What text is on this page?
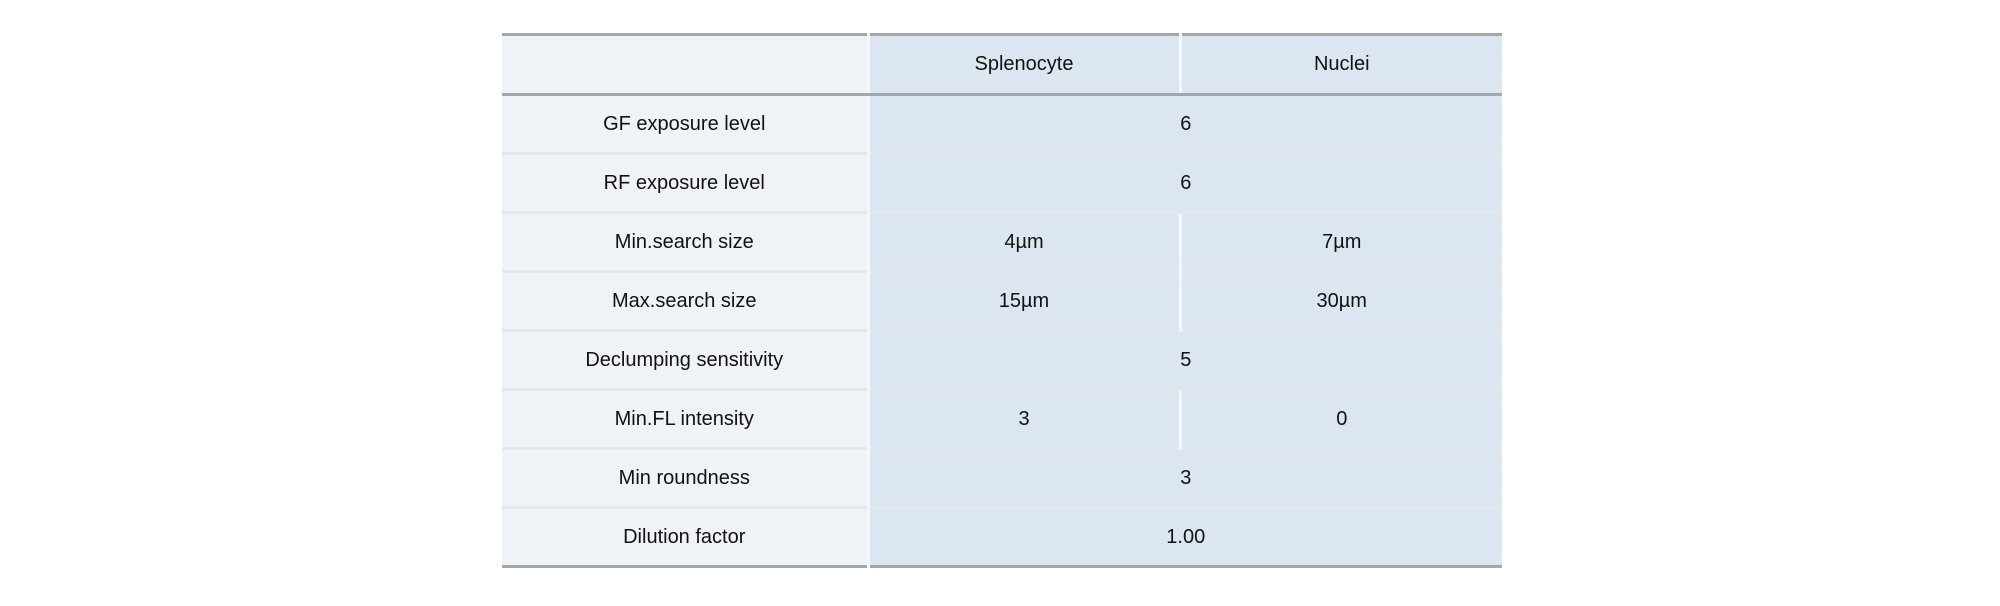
	Splenocyte	Nuclei
GF exposure level	6	
RF exposure level	6	
Min.search size	4µm	7µm
Max.search size	15µm	30µm
Declumping sensitivity	5	
Min.FL intensity	3	0
Min roundness	3	
Dilution factor	1.00	
